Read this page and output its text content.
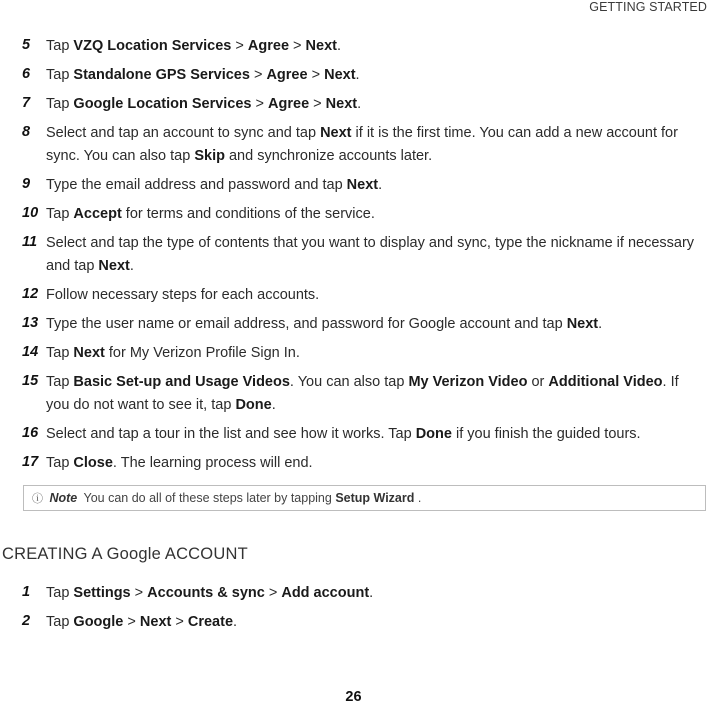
GETTING STARTED
5	Tap VZQ Location Services > Agree > Next.
6	Tap Standalone GPS Services > Agree > Next.
7	Tap Google Location Services > Agree > Next.
8	Select and tap an account to sync and tap Next if it is the first time. You can add a new account for sync. You can also tap Skip and synchronize accounts later.
9	Type the email address and password and tap Next.
10 Tap Accept for terms and conditions of the service.
11 Select and tap the type of contents that you want to display and sync, type the nickname if necessary and tap Next.
12 Follow necessary steps for each accounts.
13 Type the user name or email address, and password for Google account and tap Next.
14 Tap Next for My Verizon Profile Sign In.
15 Tap Basic Set-up and Usage Videos. You can also tap My Verizon Video or Additional Video. If you do not want to see it, tap Done.
16 Select and tap a tour in the list and see how it works. Tap Done if you finish the guided tours.
17 Tap Close. The learning process will end.
ⓘ Note You can do all of these steps later by tapping Setup Wizard .
CREATING A Google ACCOUNT
1	Tap Settings > Accounts & sync > Add account.
2	Tap Google > Next > Create.
26
